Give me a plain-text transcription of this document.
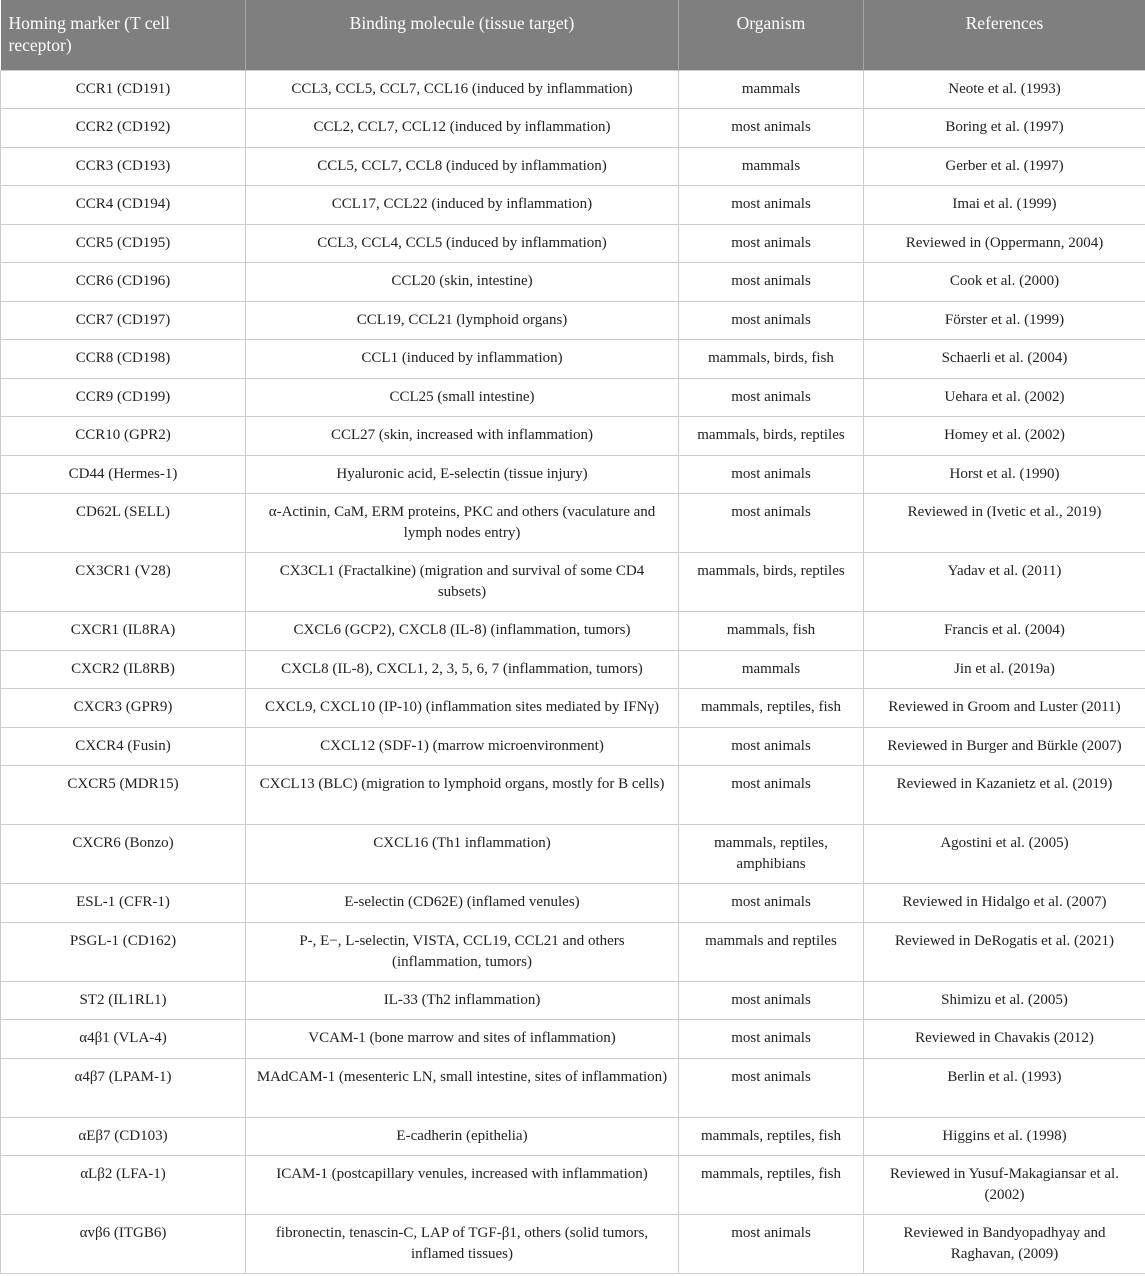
Homing marker (T cell receptor)	Binding molecule (tissue target)	Organism	References
CCR1 (CD191)	CCL3, CCL5, CCL7, CCL16 (induced by inflammation)	mammals	Neote et al. (1993)
CCR2 (CD192)	CCL2, CCL7, CCL12 (induced by inflammation)	most animals	Boring et al. (1997)
CCR3 (CD193)	CCL5, CCL7, CCL8 (induced by inflammation)	mammals	Gerber et al. (1997)
CCR4 (CD194)	CCL17, CCL22 (induced by inflammation)	most animals	Imai et al. (1999)
CCR5 (CD195)	CCL3, CCL4, CCL5 (induced by inflammation)	most animals	Reviewed in (Oppermann, 2004)
CCR6 (CD196)	CCL20 (skin, intestine)	most animals	Cook et al. (2000)
CCR7 (CD197)	CCL19, CCL21 (lymphoid organs)	most animals	Förster et al. (1999)
CCR8 (CD198)	CCL1 (induced by inflammation)	mammals, birds, fish	Schaerli et al. (2004)
CCR9 (CD199)	CCL25 (small intestine)	most animals	Uehara et al. (2002)
CCR10 (GPR2)	CCL27 (skin, increased with inflammation)	mammals, birds, reptiles	Homey et al. (2002)
CD44 (Hermes-1)	Hyaluronic acid, E-selectin (tissue injury)	most animals	Horst et al. (1990)
CD62L (SELL)	α-Actinin, CaM, ERM proteins, PKC and others (vaculature and lymph nodes entry)	most animals	Reviewed in (Ivetic et al., 2019)
CX3CR1 (V28)	CX3CL1 (Fractalkine) (migration and survival of some CD4 subsets)	mammals, birds, reptiles	Yadav et al. (2011)
CXCR1 (IL8RA)	CXCL6 (GCP2), CXCL8 (IL-8) (inflammation, tumors)	mammals, fish	Francis et al. (2004)
CXCR2 (IL8RB)	CXCL8 (IL-8), CXCL1, 2, 3, 5, 6, 7 (inflammation, tumors)	mammals	Jin et al. (2019a)
CXCR3 (GPR9)	CXCL9, CXCL10 (IP-10) (inflammation sites mediated by IFNγ)	mammals, reptiles, fish	Reviewed in Groom and Luster (2011)
CXCR4 (Fusin)	CXCL12 (SDF-1) (marrow microenvironment)	most animals	Reviewed in Burger and Bürkle (2007)
CXCR5 (MDR15)	CXCL13 (BLC) (migration to lymphoid organs, mostly for B cells)	most animals	Reviewed in Kazanietz et al. (2019)
CXCR6 (Bonzo)	CXCL16 (Th1 inflammation)	mammals, reptiles, amphibians	Agostini et al. (2005)
ESL-1 (CFR-1)	E-selectin (CD62E) (inflamed venules)	most animals	Reviewed in Hidalgo et al. (2007)
PSGL-1 (CD162)	P-, E−, L-selectin, VISTA, CCL19, CCL21 and others (inflammation, tumors)	mammals and reptiles	Reviewed in DeRogatis et al. (2021)
ST2 (IL1RL1)	IL-33 (Th2 inflammation)	most animals	Shimizu et al. (2005)
α4β1 (VLA-4)	VCAM-1 (bone marrow and sites of inflammation)	most animals	Reviewed in Chavakis (2012)
α4β7 (LPAM-1)	MAdCAM-1 (mesenteric LN, small intestine, sites of inflammation)	most animals	Berlin et al. (1993)
αEβ7 (CD103)	E-cadherin (epithelia)	mammals, reptiles, fish	Higgins et al. (1998)
αLβ2 (LFA-1)	ICAM-1 (postcapillary venules, increased with inflammation)	mammals, reptiles, fish	Reviewed in Yusuf-Makagiansar et al. (2002)
αvβ6 (ITGB6)	fibronectin, tenascin-C, LAP of TGF-β1, others (solid tumors, inflamed tissues)	most animals	Reviewed in Bandyopadhyay and Raghavan, (2009)
